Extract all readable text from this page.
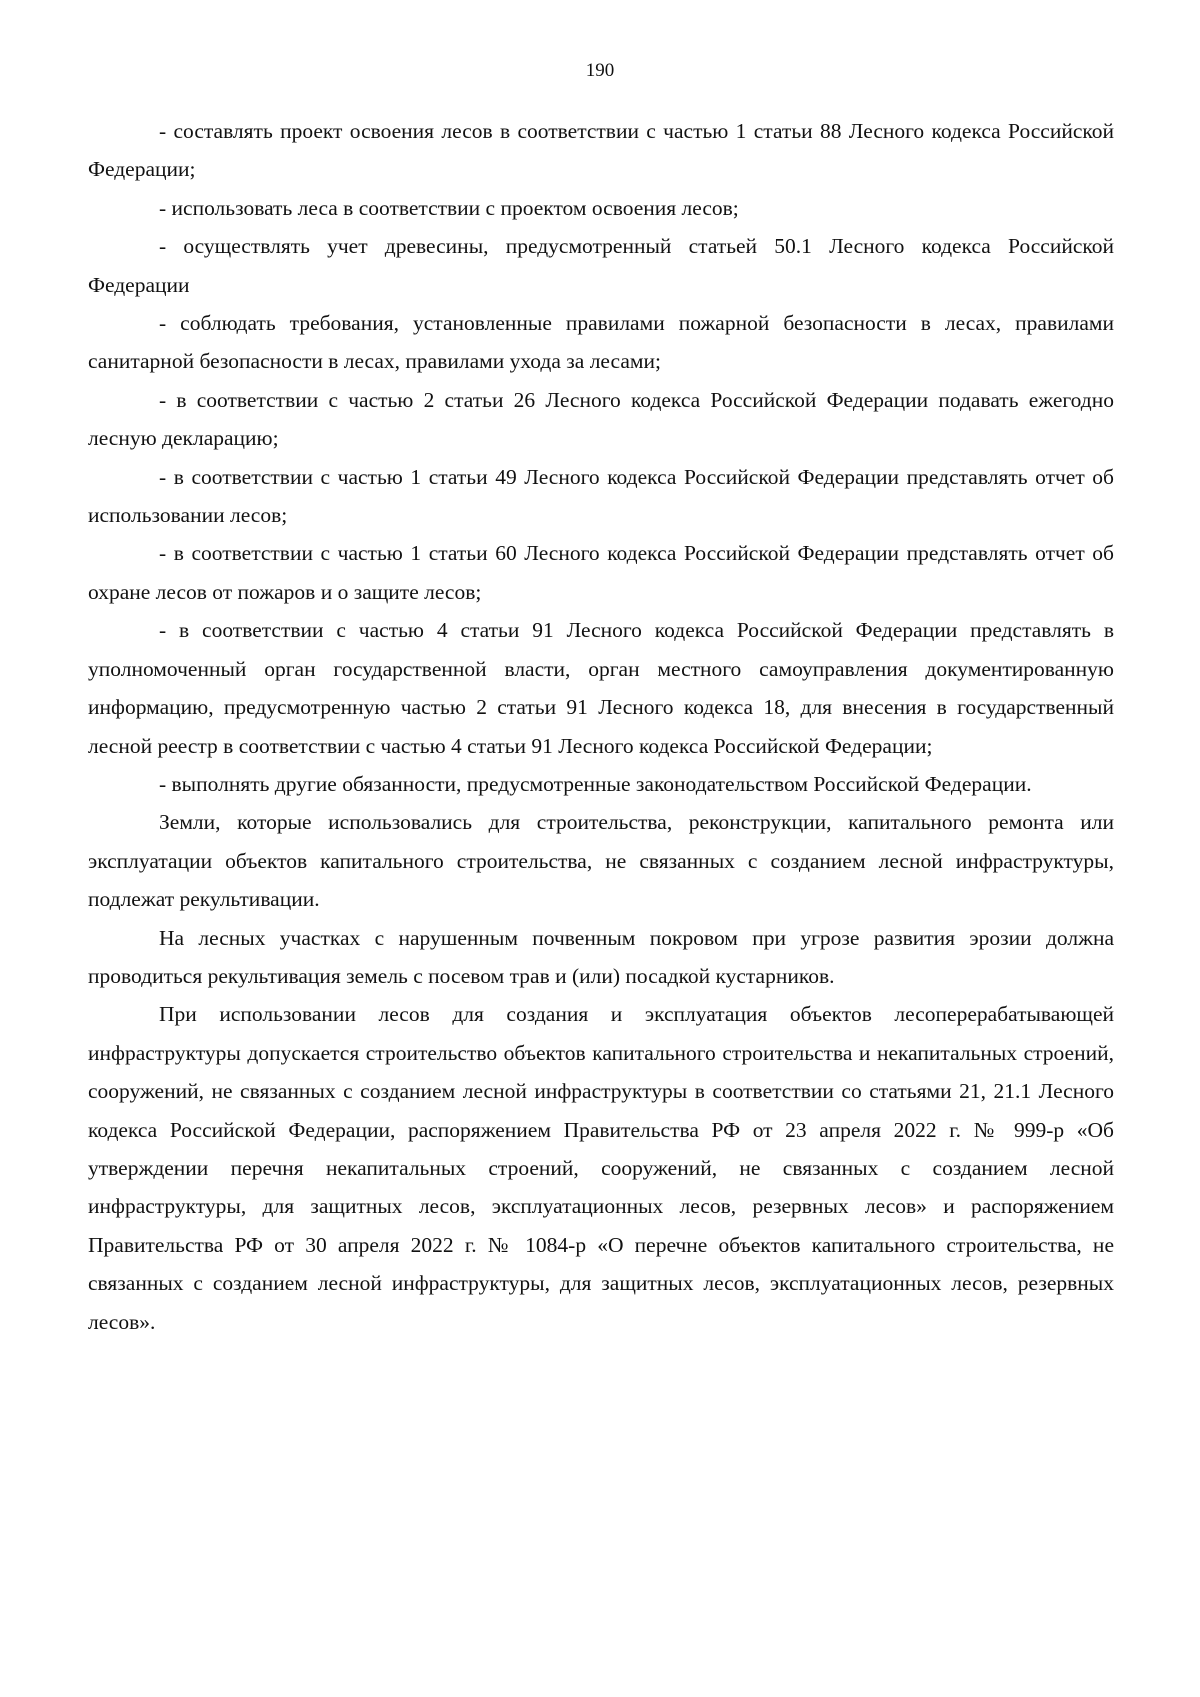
190

- составлять проект освоения лесов в соответствии с частью 1 статьи 88 Лесного кодекса Российской Федерации;

- использовать леса в соответствии с проектом освоения лесов;

- осуществлять учет древесины, предусмотренный статьей 50.1 Лесного кодекса Российской Федерации

- соблюдать требования, установленные правилами пожарной безопасности в лесах, правилами санитарной безопасности в лесах, правилами ухода за лесами;

- в соответствии с частью 2 статьи 26 Лесного кодекса Российской Федерации подавать ежегодно лесную декларацию;

- в соответствии с частью 1 статьи 49 Лесного кодекса Российской Федерации представлять отчет об использовании лесов;

- в соответствии с частью 1 статьи 60 Лесного кодекса Российской Федерации представлять отчет об охране лесов от пожаров и о защите лесов;

- в соответствии с частью 4 статьи 91 Лесного кодекса Российской Федерации представлять в уполномоченный орган государственной власти, орган местного самоуправления документированную информацию, предусмотренную частью 2 статьи 91 Лесного кодекса 18, для внесения в государственный лесной реестр в соответствии с частью 4 статьи 91 Лесного кодекса Российской Федерации;

- выполнять другие обязанности, предусмотренные законодательством Российской Федерации.

Земли, которые использовались для строительства, реконструкции, капитального ремонта или эксплуатации объектов капитального строительства, не связанных с созданием лесной инфраструктуры, подлежат рекультивации.

На лесных участках с нарушенным почвенным покровом при угрозе развития эрозии должна проводиться рекультивация земель с посевом трав и (или) посадкой кустарников.

При использовании лесов для создания и эксплуатация объектов лесоперерабатывающей инфраструктуры допускается строительство объектов капитального строительства и некапитальных строений, сооружений, не связанных с созданием лесной инфраструктуры в соответствии со статьями 21, 21.1 Лесного кодекса Российской Федерации, распоряжением Правительства РФ от 23 апреля 2022 г. № 999-р «Об утверждении перечня некапитальных строений, сооружений, не связанных с созданием лесной инфраструктуры, для защитных лесов, эксплуатационных лесов, резервных лесов» и распоряжением Правительства РФ от 30 апреля 2022 г. № 1084-р «О перечне объектов капитального строительства, не связанных с созданием лесной инфраструктуры, для защитных лесов, эксплуатационных лесов, резервных лесов».
